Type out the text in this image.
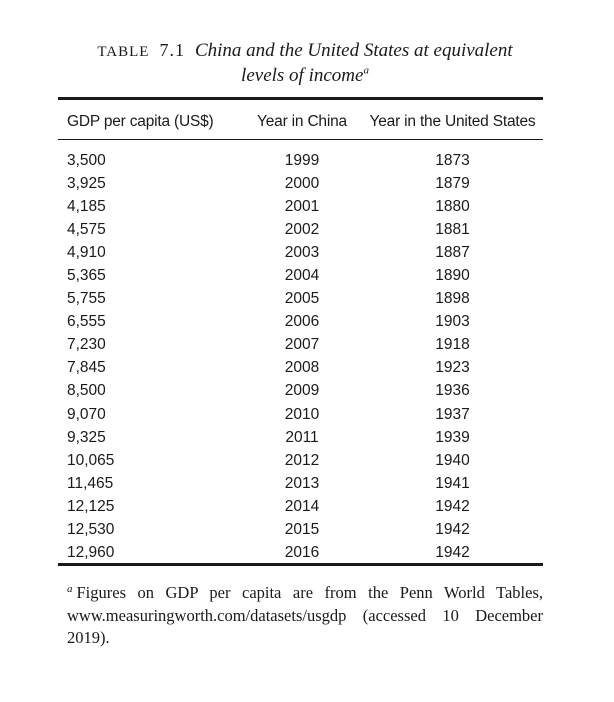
TABLE 7.1 China and the United States at equivalent
levels of income$^a$
GDP per capita (US$)	Year in China	Year in the United States
3,500	1999	1873
3,925	2000	1879
4,185	2001	1880
4,575	2002	1881
4,910	2003	1887
5,365	2004	1890
5,755	2005	1898
6,555	2006	1903
7,230	2007	1918
7,845	2008	1923
8,500	2009	1936
9,070	2010	1937
9,325	2011	1939
10,065	2012	1940
11,465	2013	1941
12,125	2014	1942
12,530	2015	1942
12,960	2016	1942
$^a$ Figures on GDP per capita are from the Penn World Tables, www.measuringworth.com/datasets/usgdp (accessed 10 December 2019).
